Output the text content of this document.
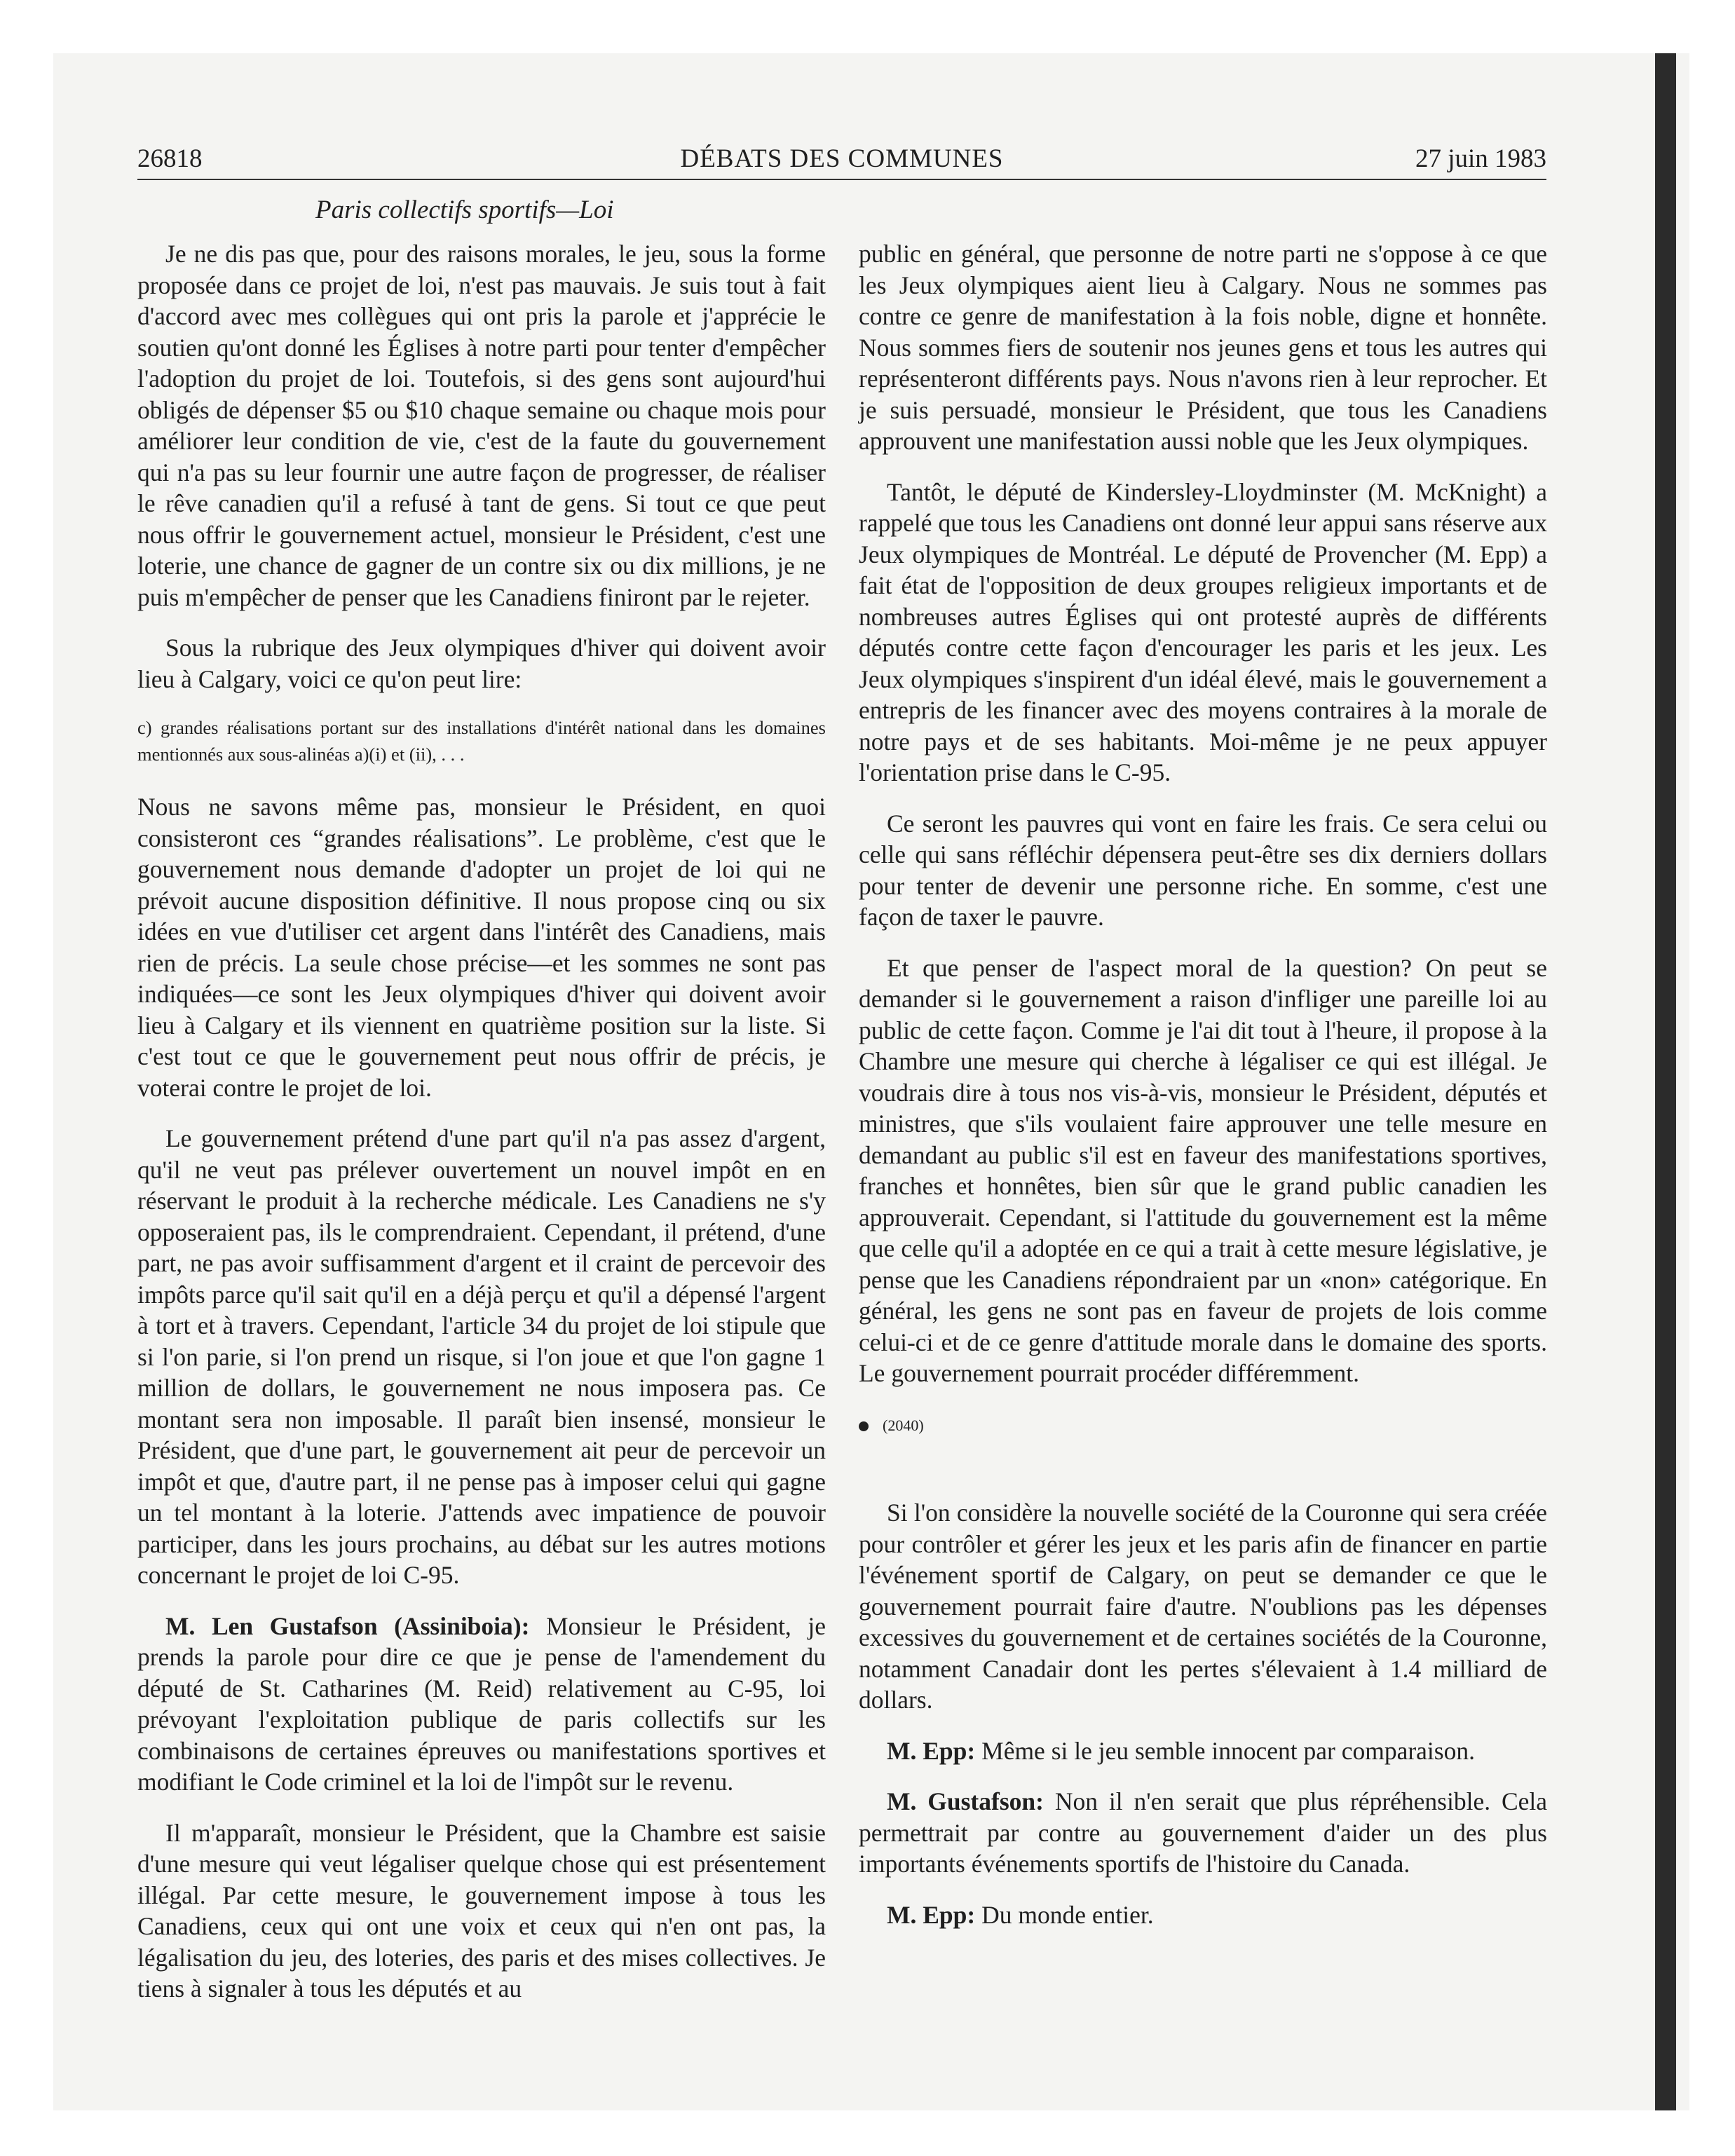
DÉBATS DES COMMUNES
26818	27 juin 1983
Paris collectifs sportifs—Loi

Je ne dis pas que, pour des raisons morales, le jeu, sous la forme proposée dans ce projet de loi, n'est pas mauvais. Je suis tout à fait d'accord avec mes collègues qui ont pris la parole et j'apprécie le soutien qu'ont donné les Églises à notre parti pour tenter d'empêcher l'adoption du projet de loi. Toutefois, si des gens sont aujourd'hui obligés de dépenser $5 ou $10 chaque semaine ou chaque mois pour améliorer leur condition de vie, c'est de la faute du gouvernement qui n'a pas su leur fournir une autre façon de progresser, de réaliser le rêve canadien qu'il a refusé à tant de gens. Si tout ce que peut nous offrir le gouvernement actuel, monsieur le Président, c'est une loterie, une chance de gagner de un contre six ou dix millions, je ne puis m'empêcher de penser que les Canadiens finiront par le rejeter.

Sous la rubrique des Jeux olympiques d'hiver qui doivent avoir lieu à Calgary, voici ce qu'on peut lire:

c) grandes réalisations portant sur des installations d'intérêt national dans les domaines mentionnés aux sous-alinéas a)(i) et (ii), . . .

Nous ne savons même pas, monsieur le Président, en quoi consisteront ces “grandes réalisations”. Le problème, c'est que le gouvernement nous demande d'adopter un projet de loi qui ne prévoit aucune disposition définitive. Il nous propose cinq ou six idées en vue d'utiliser cet argent dans l'intérêt des Canadiens, mais rien de précis. La seule chose précise—et les sommes ne sont pas indiquées—ce sont les Jeux olympiques d'hiver qui doivent avoir lieu à Calgary et ils viennent en quatrième position sur la liste. Si c'est tout ce que le gouvernement peut nous offrir de précis, je voterai contre le projet de loi.

Le gouvernement prétend d'une part qu'il n'a pas assez d'argent, qu'il ne veut pas prélever ouvertement un nouvel impôt en en réservant le produit à la recherche médicale. Les Canadiens ne s'y opposeraient pas, ils le comprendraient. Cependant, il prétend, d'une part, ne pas avoir suffisamment d'argent et il craint de percevoir des impôts parce qu'il sait qu'il en a déjà perçu et qu'il a dépensé l'argent à tort et à travers. Cependant, l'article 34 du projet de loi stipule que si l'on parie, si l'on prend un risque, si l'on joue et que l'on gagne 1 million de dollars, le gouvernement ne nous imposera pas. Ce montant sera non imposable. Il paraît bien insensé, monsieur le Président, que d'une part, le gouvernement ait peur de percevoir un impôt et que, d'autre part, il ne pense pas à imposer celui qui gagne un tel montant à la loterie. J'attends avec impatience de pouvoir participer, dans les jours prochains, au débat sur les autres motions concernant le projet de loi C-95.

M. Len Gustafson (Assiniboia): Monsieur le Président, je prends la parole pour dire ce que je pense de l'amendement du député de St. Catharines (M. Reid) relativement au C-95, loi prévoyant l'exploitation publique de paris collectifs sur les combinaisons de certaines épreuves ou manifestations sportives et modifiant le Code criminel et la loi de l'impôt sur le revenu.

Il m'apparaît, monsieur le Président, que la Chambre est saisie d'une mesure qui veut légaliser quelque chose qui est présentement illégal. Par cette mesure, le gouvernement impose à tous les Canadiens, ceux qui ont une voix et ceux qui n'en ont pas, la légalisation du jeu, des loteries, des paris et des mises collectives. Je tiens à signaler à tous les députés et au

public en général, que personne de notre parti ne s'oppose à ce que les Jeux olympiques aient lieu à Calgary. Nous ne sommes pas contre ce genre de manifestation à la fois noble, digne et honnête. Nous sommes fiers de soutenir nos jeunes gens et tous les autres qui représenteront différents pays. Nous n'avons rien à leur reprocher. Et je suis persuadé, monsieur le Président, que tous les Canadiens approuvent une manifestation aussi noble que les Jeux olympiques.

Tantôt, le député de Kindersley-Lloydminster (M. McKnight) a rappelé que tous les Canadiens ont donné leur appui sans réserve aux Jeux olympiques de Montréal. Le député de Provencher (M. Epp) a fait état de l'opposition de deux groupes religieux importants et de nombreuses autres Églises qui ont protesté auprès de différents députés contre cette façon d'encourager les paris et les jeux. Les Jeux olympiques s'inspirent d'un idéal élevé, mais le gouvernement a entrepris de les financer avec des moyens contraires à la morale de notre pays et de ses habitants. Moi-même je ne peux appuyer l'orientation prise dans le C-95.

Ce seront les pauvres qui vont en faire les frais. Ce sera celui ou celle qui sans réfléchir dépensera peut-être ses dix derniers dollars pour tenter de devenir une personne riche. En somme, c'est une façon de taxer le pauvre.

Et que penser de l'aspect moral de la question? On peut se demander si le gouvernement a raison d'infliger une pareille loi au public de cette façon. Comme je l'ai dit tout à l'heure, il propose à la Chambre une mesure qui cherche à légaliser ce qui est illégal. Je voudrais dire à tous nos vis-à-vis, monsieur le Président, députés et ministres, que s'ils voulaient faire approuver une telle mesure en demandant au public s'il est en faveur des manifestations sportives, franches et honnêtes, bien sûr que le grand public canadien les approuverait. Cependant, si l'attitude du gouvernement est la même que celle qu'il a adoptée en ce qui a trait à cette mesure législative, je pense que les Canadiens répondraient par un «non» catégorique. En général, les gens ne sont pas en faveur de projets de lois comme celui-ci et de ce genre d'attitude morale dans le domaine des sports. Le gouvernement pourrait procéder différemment.

(2040)

Si l'on considère la nouvelle société de la Couronne qui sera créée pour contrôler et gérer les jeux et les paris afin de financer en partie l'événement sportif de Calgary, on peut se demander ce que le gouvernement pourrait faire d'autre. N'oublions pas les dépenses excessives du gouvernement et de certaines sociétés de la Couronne, notamment Canadair dont les pertes s'élevaient à 1.4 milliard de dollars.

M. Epp: Même si le jeu semble innocent par comparaison.

M. Gustafson: Non il n'en serait que plus répréhensible. Cela permettrait par contre au gouvernement d'aider un des plus importants événements sportifs de l'histoire du Canada.

M. Epp: Du monde entier.
